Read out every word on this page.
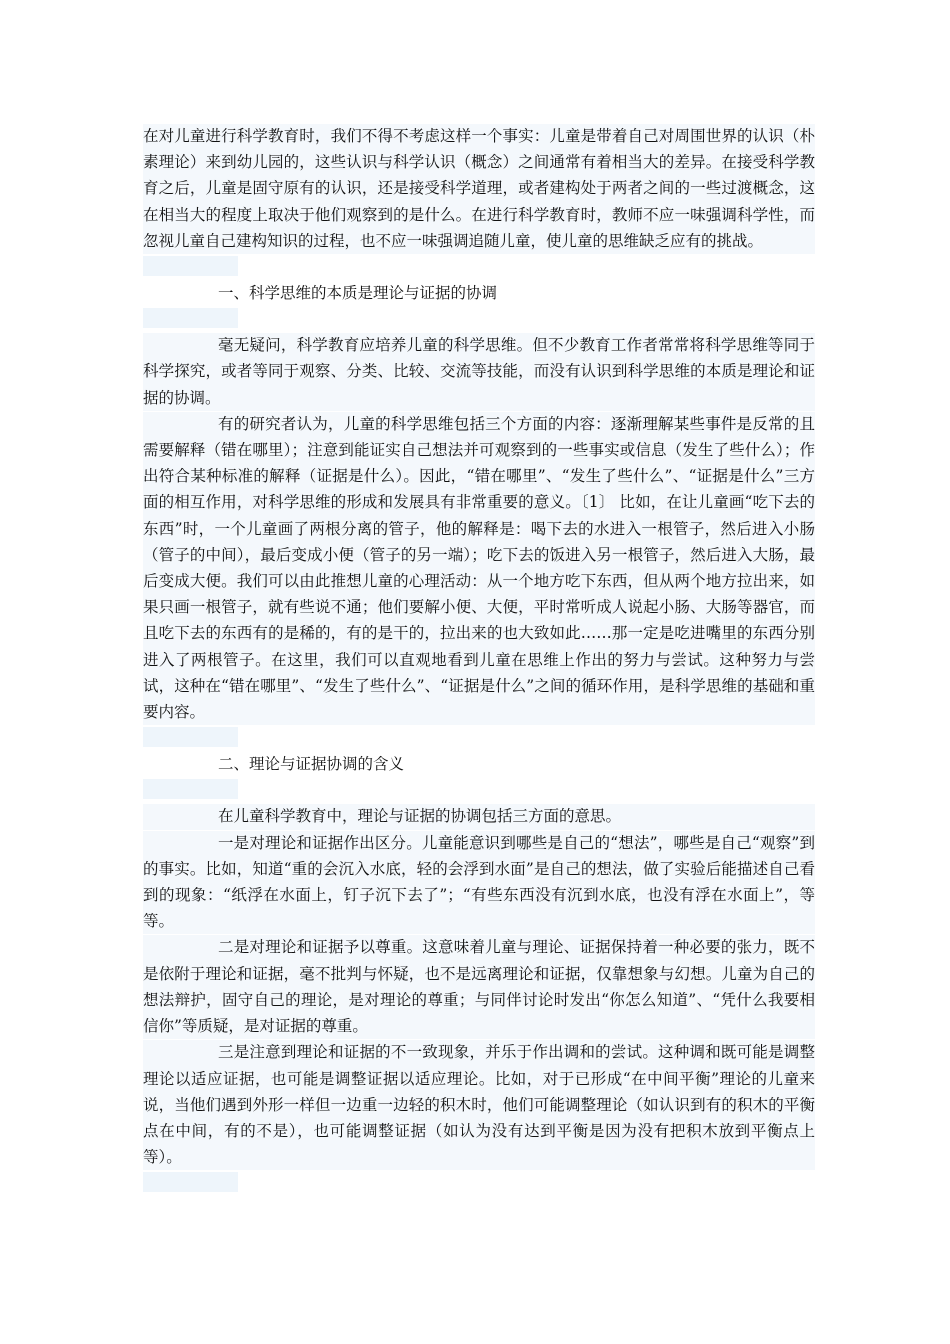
在对儿童进行科学教育时，我们不得不考虑这样一个事实：儿童是带着自己对周围世界的认识（朴素理论）来到幼儿园的，这些认识与科学认识（概念）之间通常有着相当大的差异。在接受科学教育之后，儿童是固守原有的认识，还是接受科学道理，或者建构处于两者之间的一些过渡概念，这在相当大的程度上取决于他们观察到的是什么。在进行科学教育时，教师不应一味强调科学性，而忽视儿童自己建构知识的过程，也不应一味强调追随儿童，使儿童的思维缺乏应有的挑战。

一、科学思维的本质是理论与证据的协调

毫无疑问，科学教育应培养儿童的科学思维。但不少教育工作者常常将科学思维等同于科学探究，或者等同于观察、分类、比较、交流等技能，而没有认识到科学思维的本质是理论和证据的协调。

有的研究者认为，儿童的科学思维包括三个方面的内容：逐渐理解某些事件是反常的且需要解释（错在哪里）；注意到能证实自己想法并可观察到的一些事实或信息（发生了些什么）；作出符合某种标准的解释（证据是什么）。因此，“错在哪里”、“发生了些什么”、“证据是什么”三方面的相互作用，对科学思维的形成和发展具有非常重要的意义。〔1〕 比如，在让儿童画“吃下去的东西”时，一个儿童画了两根分离的管子，他的解释是：喝下去的水进入一根管子，然后进入小肠（管子的中间），最后变成小便（管子的另一端）；吃下去的饭进入另一根管子，然后进入大肠，最后变成大便。我们可以由此推想儿童的心理活动：从一个地方吃下东西，但从两个地方拉出来，如果只画一根管子，就有些说不通；他们要解小便、大便，平时常听成人说起小肠、大肠等器官，而且吃下去的东西有的是稀的，有的是干的，拉出来的也大致如此……那一定是吃进嘴里的东西分别进入了两根管子。在这里，我们可以直观地看到儿童在思维上作出的努力与尝试。这种努力与尝试，这种在“错在哪里”、“发生了些什么”、“证据是什么”之间的循环作用，是科学思维的基础和重要内容。

二、理论与证据协调的含义

在儿童科学教育中，理论与证据的协调包括三方面的意思。

一是对理论和证据作出区分。儿童能意识到哪些是自己的“想法”，哪些是自己“观察”到的事实。比如，知道“重的会沉入水底，轻的会浮到水面”是自己的想法，做了实验后能描述自己看到的现象：“纸浮在水面上，钉子沉下去了”；“有些东西没有沉到水底，也没有浮在水面上”，等等。

二是对理论和证据予以尊重。这意味着儿童与理论、证据保持着一种必要的张力，既不是依附于理论和证据，毫不批判与怀疑，也不是远离理论和证据，仅靠想象与幻想。儿童为自己的想法辩护，固守自己的理论，是对理论的尊重；与同伴讨论时发出“你怎么知道”、“凭什么我要相信你”等质疑，是对证据的尊重。

三是注意到理论和证据的不一致现象，并乐于作出调和的尝试。这种调和既可能是调整理论以适应证据，也可能是调整证据以适应理论。比如，对于已形成“在中间平衡”理论的儿童来说，当他们遇到外形一样但一边重一边轻的积木时，他们可能调整理论（如认识到有的积木的平衡点在中间，有的不是），也可能调整证据（如认为没有达到平衡是因为没有把积木放到平衡点上等）。
